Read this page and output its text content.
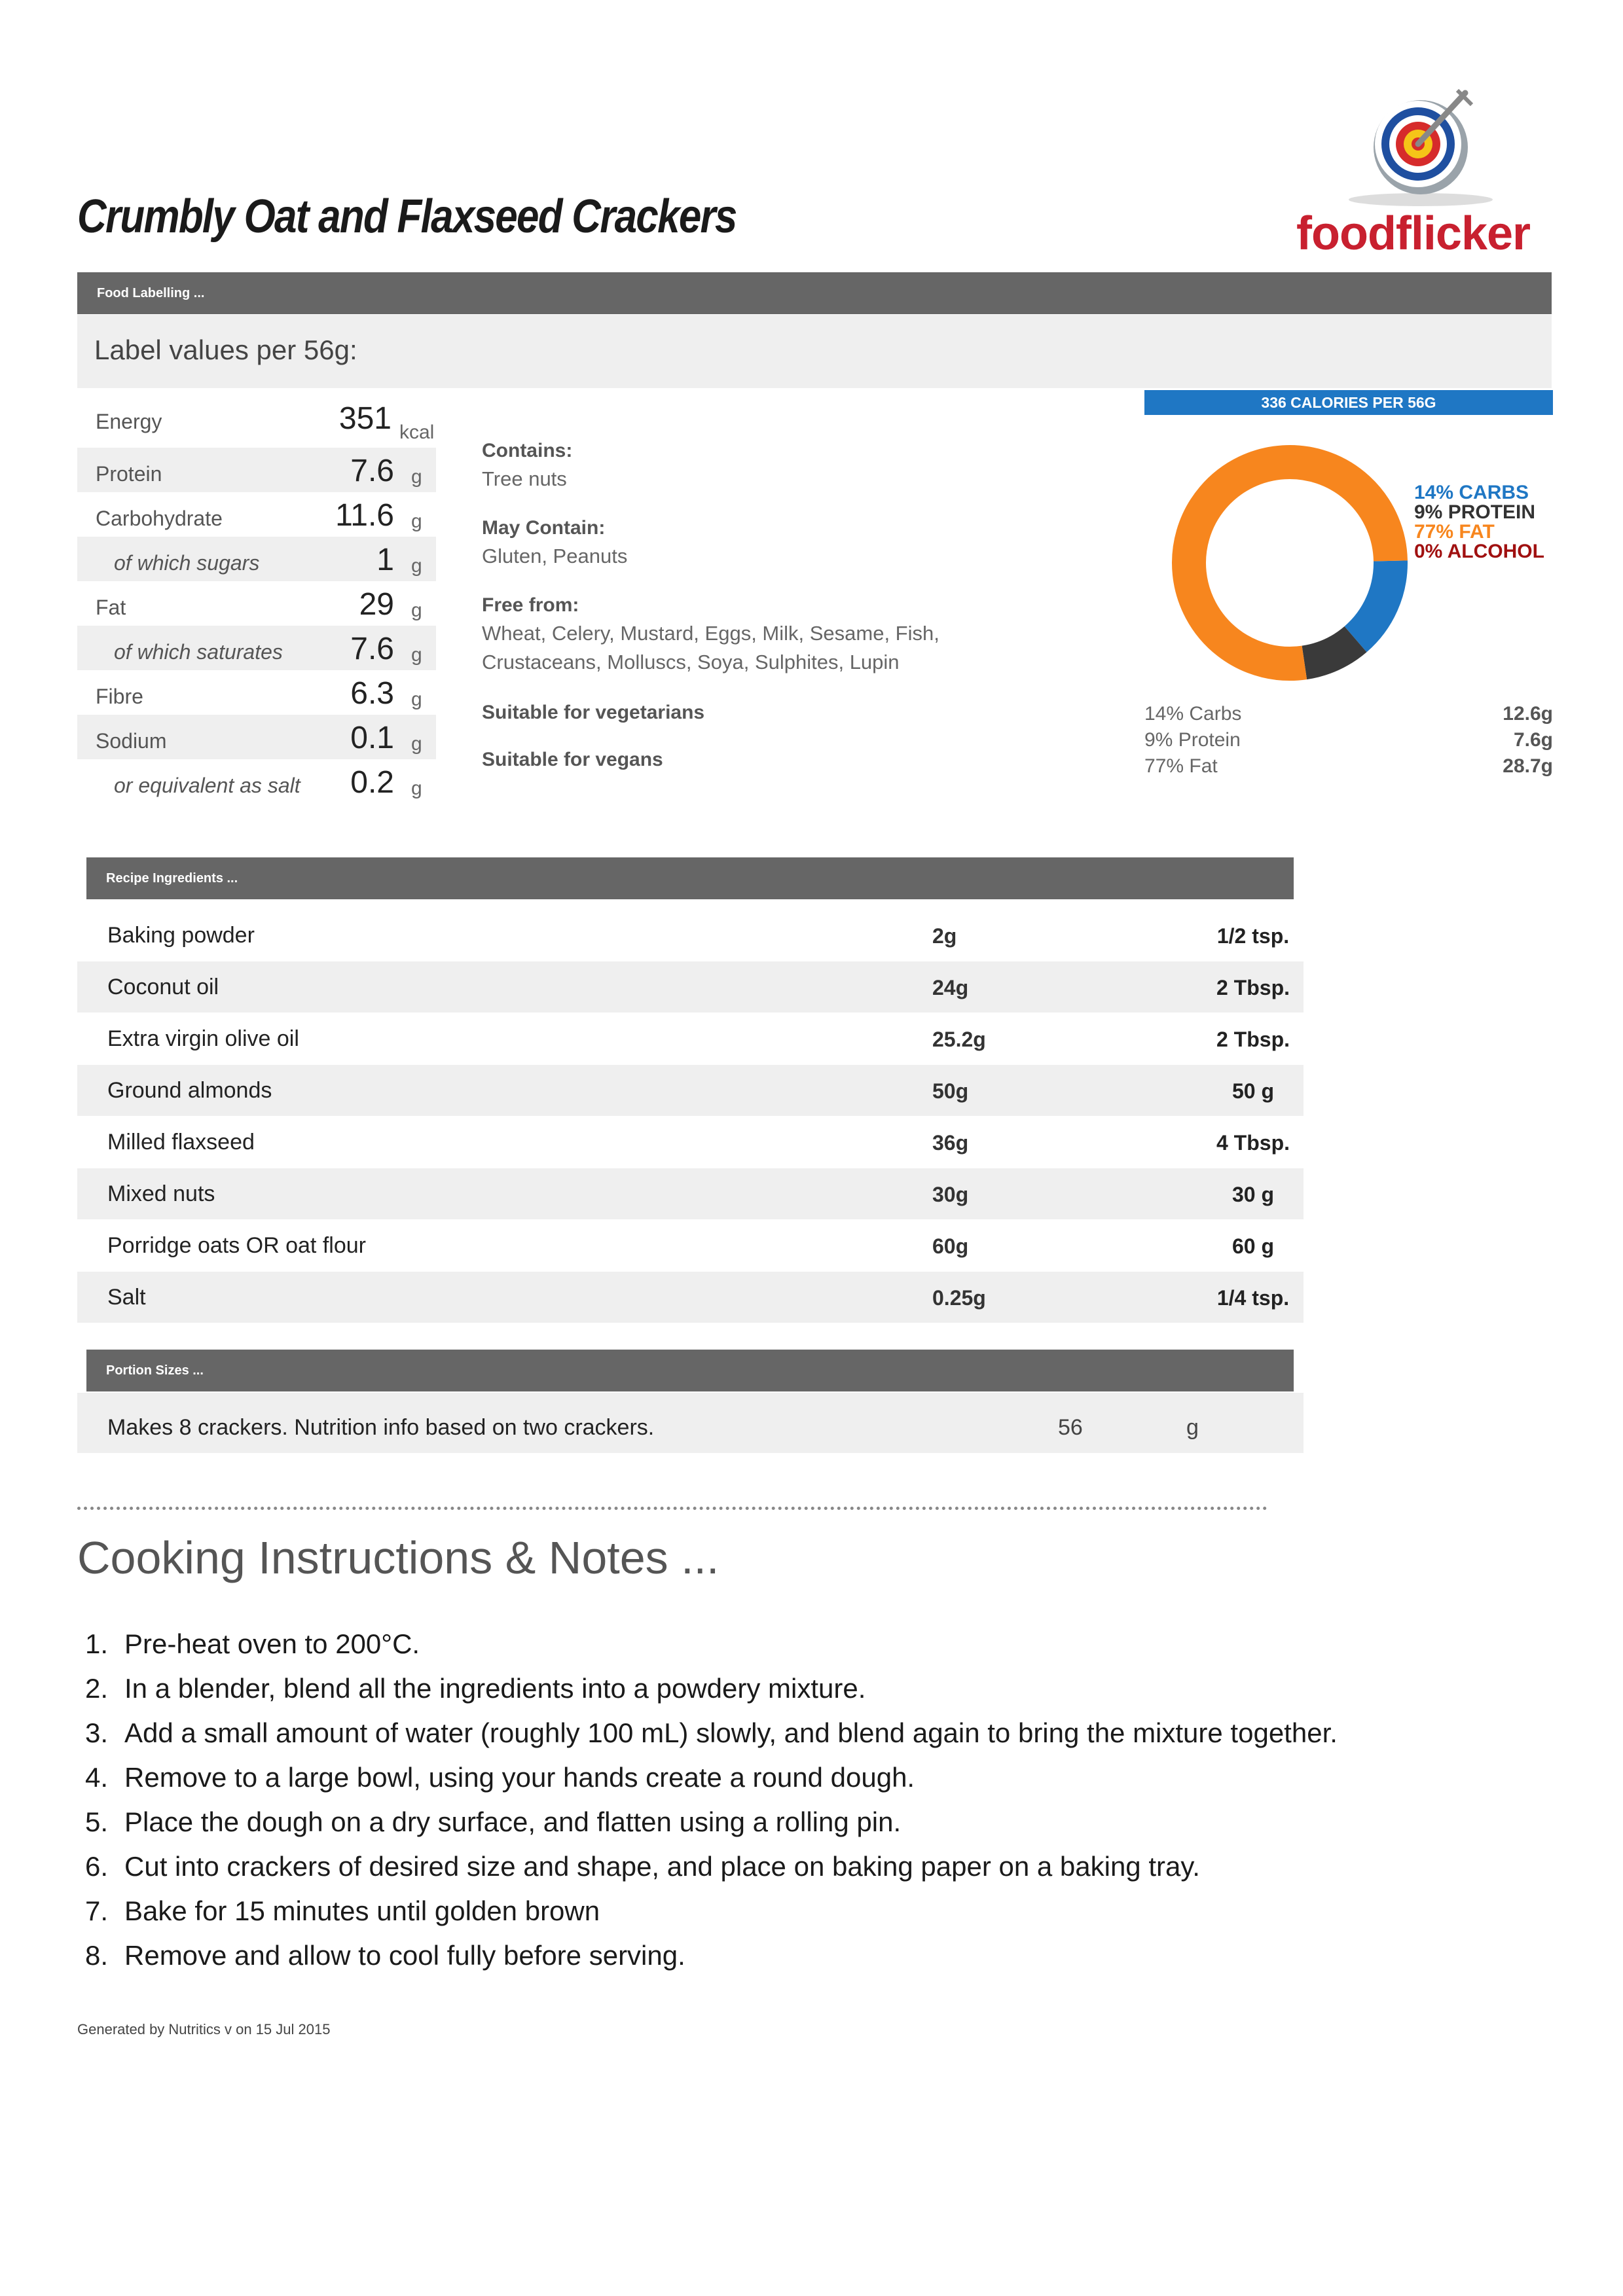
Crumbly Oat and Flaxseed Crackers	foodflicker
Food Labelling ...
Label values per 56g:
Energy	351 kcal
Protein	7.6 g
Carbohydrate	11.6 g
of which sugars	1 g
Fat	29 g
of which saturates 7.6 g
Fibre	6.3 g
Sodium	0.1 g
or equivalent as salt 0.2 g
Contains:
Tree nuts
May Contain:
Gluten, Peanuts
Free from:
Wheat, Celery, Mustard, Eggs, Milk, Sesame, Fish, Crustaceans, Molluscs, Soya, Sulphites, Lupin
Suitable for vegetarians
Suitable for vegans
336 CALORIES PER 56G
14% CARBS
9% PROTEIN
77% FAT
0% ALCOHOL
14% Carbs	12.6g
9% Protein	7.6g
77% Fat	28.7g
Recipe Ingredients ...
Baking powder	2g	1/2 tsp.
Coconut oil	24g	2 Tbsp.
Extra virgin olive oil	25.2g	2 Tbsp.
Ground almonds	50g	50 g
Milled flaxseed	36g	4 Tbsp.
Mixed nuts	30g	30 g
Porridge oats OR oat flour	60g	60 g
Salt	0.25g	1/4 tsp.
Portion Sizes ...
Makes 8 crackers. Nutrition info based on two crackers.	56	g
Cooking Instructions & Notes ...
1. Pre-heat oven to 200°C.
2. In a blender, blend all the ingredients into a powdery mixture.
3. Add a small amount of water (roughly 100 mL) slowly, and blend again to bring the mixture together.
4. Remove to a large bowl, using your hands create a round dough.
5. Place the dough on a dry surface, and flatten using a rolling pin.
6. Cut into crackers of desired size and shape, and place on baking paper on a baking tray.
7. Bake for 15 minutes until golden brown
8. Remove and allow to cool fully before serving.
Generated by Nutritics v on 15 Jul 2015
